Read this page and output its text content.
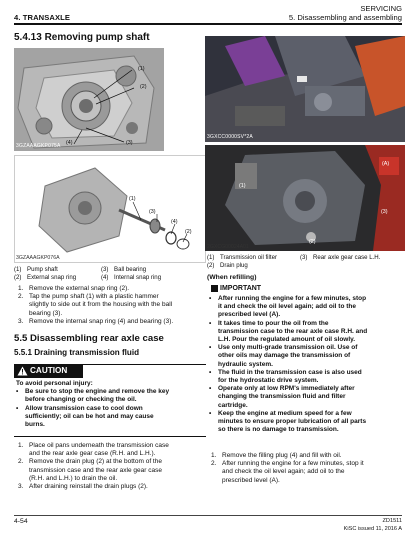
SERVICING
5. Disassembling and assembling
4. TRANSAXLE
5.4.13 Removing pump shaft
(1)
(2)
(3)
(4)
3GZAAAGKP075A
(1)
(3)
(4)
(2)
3GZAAAGKP076A
3GXCC0000SV*2A
(1)
(2)
(3)
(A)
2GXCG00024A01
(1) Pump shaft	(3) Ball bearing
(2) External snap ring	(4) Internal snap ring
1. Remove the external snap ring (2).
2. Tap the pump shaft (1) with a plastic hammer
slightly to side out it from the housing with the ball
bearing (3).
3. Remove the internal snap ring (4) and bearing (3).
5.5 Disassembling rear axle case
5.5.1 Draining transmission fluid
CAUTION
To avoid personal injury:
•	Be sure to stop the engine and remove the key
before changing or checking the oil.
•	Allow transmission case to cool down
sufficiently; oil can be hot and may cause
burns.
1. Place oil pans underneath the transmission case
and the rear axle gear case (R.H. and L.H.).
2. Remove the drain plug (2) at the bottom of the
transmission case and the rear axle gear case
(R.H. and L.H.) to drain the oil.
3. After draining reinstall the drain plugs (2).
(1) Transmission oil filter	(3) Rear axle gear case L.H.
(2) Drain plug
(When refilling)
IMPORTANT
•	After running the engine for a few minutes, stop
it and check the oil level again; add oil to the
prescribed level (A).
•	It takes time to pour the oil from the
transmission case to the rear axle case R.H. and
L.H. Pour the regulated amount of oil slowly.
•	Use only multi-grade transmission oil. Use of
other oils may damage the transmission of
hydraulic system.
•	The fluid in the transmission case is also used
for the hydrostatic drive system.
•	Operate only at low RPM's immediately after
changing the transmission fluid and filter
cartridge.
•	Keep the engine at medium speed for a few
minutes to ensure proper lubrication of all parts
so there is no damage to transmission.
1. Remove the filling plug (4) and fill with oil.
2. After running the engine for a few minutes, stop it
and check the oil level again; add oil to the
prescribed level (A).
4-54	ZD1511
KiSC issued 11, 2016 A
